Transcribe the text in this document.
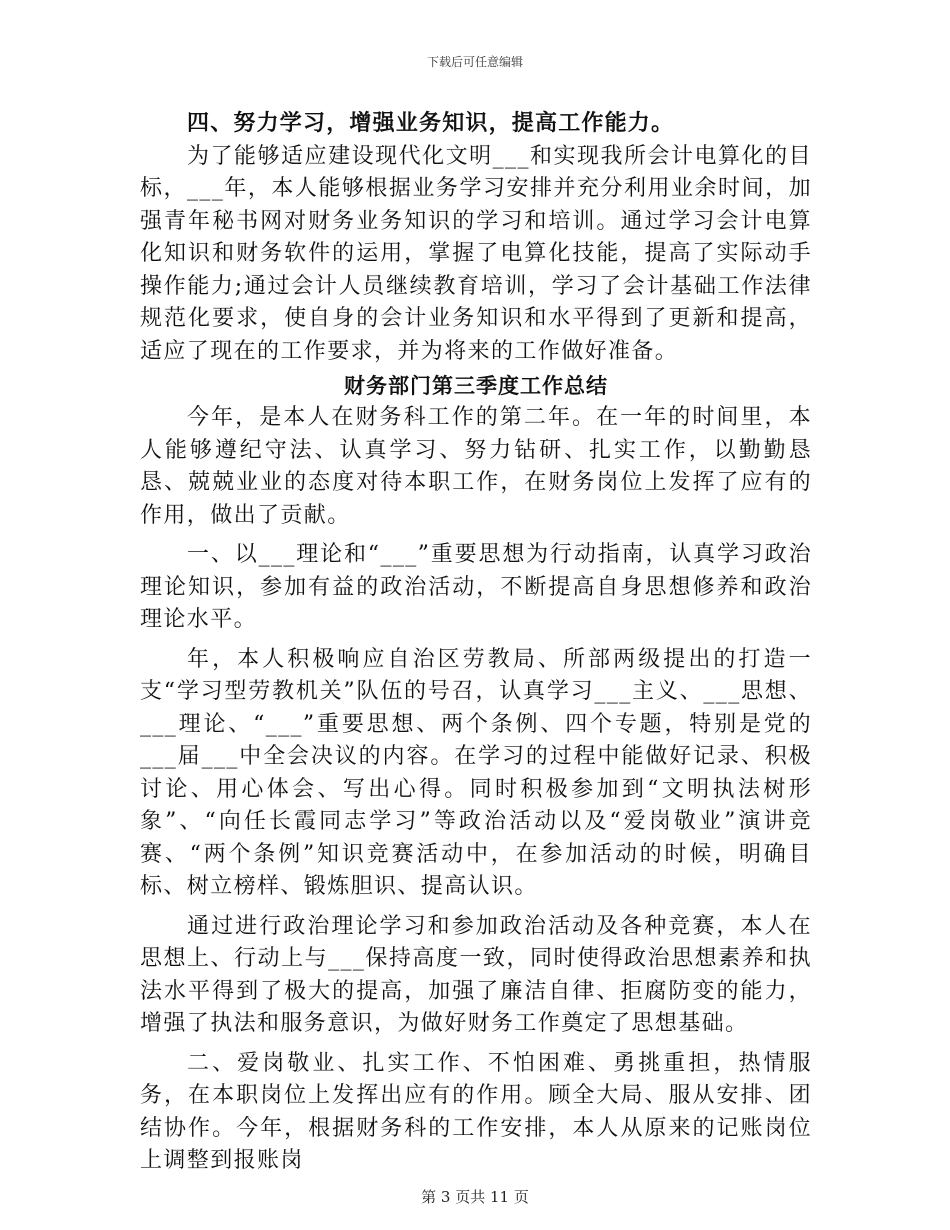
下载后可任意编辑

四、努力学习，增强业务知识，提高工作能力。

为了能够适应建设现代化文明___和实现我所会计电算化的目标，___年，本人能够根据业务学习安排并充分利用业余时间，加强青年秘书网对财务业务知识的学习和培训。通过学习会计电算化知识和财务软件的运用，掌握了电算化技能，提高了实际动手操作能力;通过会计人员继续教育培训，学习了会计基础工作法律规范化要求，使自身的会计业务知识和水平得到了更新和提高，适应了现在的工作要求，并为将来的工作做好准备。

财务部门第三季度工作总结

今年，是本人在财务科工作的第二年。在一年的时间里，本人能够遵纪守法、认真学习、努力钻研、扎实工作，以勤勤恳恳、兢兢业业的态度对待本职工作，在财务岗位上发挥了应有的作用，做出了贡献。

一、以___理论和“___”重要思想为行动指南，认真学习政治理论知识，参加有益的政治活动，不断提高自身思想修养和政治理论水平。

年，本人积极响应自治区劳教局、所部两级提出的打造一支“学习型劳教机关”队伍的号召，认真学习___主义、___思想、___理论、“___”重要思想、两个条例、四个专题，特别是党的___届___中全会决议的内容。在学习的过程中能做好记录、积极讨论、用心体会、写出心得。同时积极参加到“文明执法树形象”、“向任长霞同志学习”等政治活动以及“爱岗敬业”演讲竞赛、“两个条例”知识竞赛活动中，在参加活动的时候，明确目标、树立榜样、锻炼胆识、提高认识。

通过进行政治理论学习和参加政治活动及各种竞赛，本人在思想上、行动上与___保持高度一致，同时使得政治思想素养和执法水平得到了极大的提高，加强了廉洁自律、拒腐防变的能力，增强了执法和服务意识，为做好财务工作奠定了思想基础。

二、爱岗敬业、扎实工作、不怕困难、勇挑重担，热情服务，在本职岗位上发挥出应有的作用。顾全大局、服从安排、团结协作。今年，根据财务科的工作安排，本人从原来的记账岗位上调整到报账岗

第 3 页共 11 页
